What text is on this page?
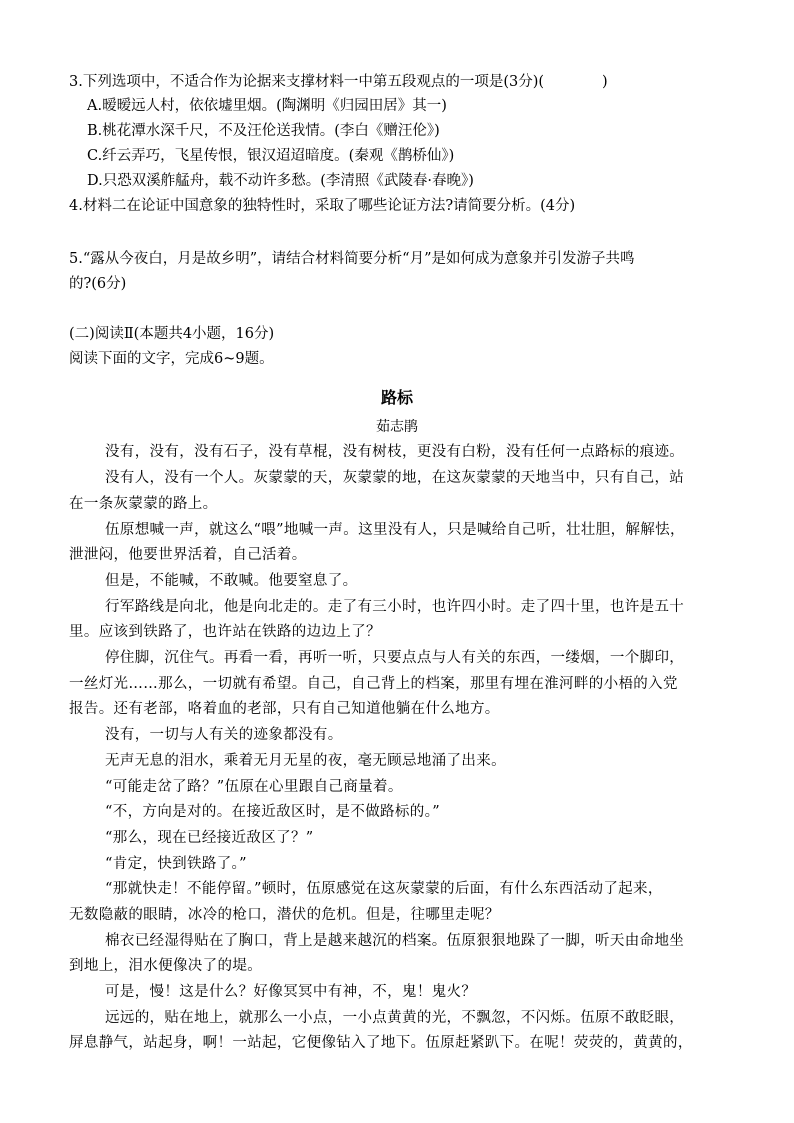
3.下列选项中，不适合作为论据来支撑材料一中第五段观点的一项是(3分)(　　　　)
A.暧暧远人村，依依墟里烟。(陶渊明《归园田居》其一)
B.桃花潭水深千尺，不及汪伦送我情。(李白《赠汪伦》)
C.纤云弄巧，飞星传恨，银汉迢迢暗度。(秦观《鹊桥仙》)
D.只恐双溪舴艋舟，载不动许多愁。(李清照《武陵春·春晚》)
4.材料二在论证中国意象的独特性时，采取了哪些论证方法?请简要分析。(4分)
5.“露从今夜白，月是故乡明”，请结合材料简要分析“月”是如何成为意象并引发游子共鸣
的?(6分)
(二)阅读Ⅱ(本题共4小题，16分)
阅读下面的文字，完成6~9题。
路标
茹志鹃
没有，没有，没有石子，没有草棍，没有树枝，更没有白粉，没有任何一点路标的痕迹。
没有人，没有一个人。灰蒙蒙的天，灰蒙蒙的地，在这灰蒙蒙的天地当中，只有自己，站
在一条灰蒙蒙的路上。
伍原想喊一声，就这么“喂”地喊一声。这里没有人，只是喊给自己听，壮壮胆，解解怯，
泄泄闷，他要世界活着，自己活着。
但是，不能喊，不敢喊。他要窒息了。
行军路线是向北，他是向北走的。走了有三小时，也许四小时。走了四十里，也许是五十
里。应该到铁路了，也许站在铁路的边边上了？
停住脚，沉住气。再看一看，再听一听，只要点点与人有关的东西，一缕烟，一个脚印，
一丝灯光……那么，一切就有希望。自己，自己背上的档案，那里有埋在淮河畔的小梧的入党
报告。还有老部，咯着血的老部，只有自己知道他躺在什么地方。
没有，一切与人有关的迹象都没有。
无声无息的泪水，乘着无月无星的夜，毫无顾忌地涌了出来。
“可能走岔了路？”伍原在心里跟自己商量着。
“不，方向是对的。在接近敌区时，是不做路标的。”
“那么，现在已经接近敌区了？”
“肯定，快到铁路了。”
“那就快走！不能停留。”顿时，伍原感觉在这灰蒙蒙的后面，有什么东西活动了起来，
无数隐蔽的眼睛，冰冷的枪口，潜伏的危机。但是，往哪里走呢？
棉衣已经湿得贴在了胸口，背上是越来越沉的档案。伍原狠狠地跺了一脚，听天由命地坐
到地上，泪水便像决了的堤。
可是，慢！这是什么？好像冥冥中有神，不，鬼！鬼火？
远远的，贴在地上，就那么一小点，一小点黄黄的光，不飘忽，不闪烁。伍原不敢眨眼，
屏息静气，站起身，啊！一站起，它便像钻入了地下。伍原赶紧趴下。在呢！荧荧的，黄黄的，
